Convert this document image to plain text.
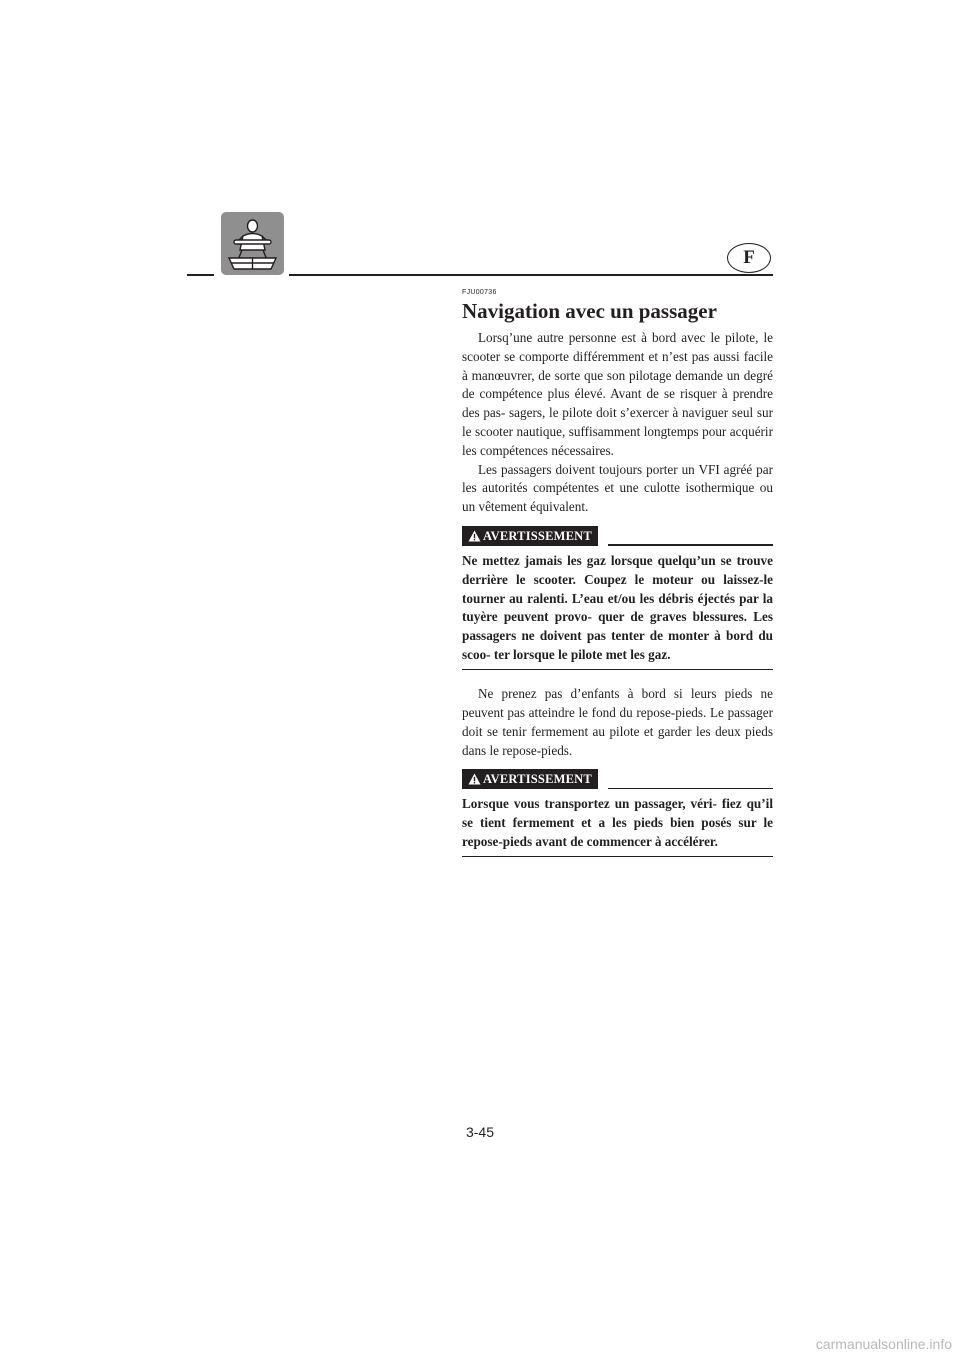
F
FJU00736
Navigation avec un passager

Lorsq’une autre personne est à bord avec le pilote, le scooter se comporte différemment et n’est pas aussi facile à manœuvrer, de sorte que son pilotage demande un degré de compétence plus élevé. Avant de se risquer à prendre des pas- sagers, le pilote doit s’exercer à naviguer seul sur le scooter nautique, suffisamment longtemps pour acquérir les compétences nécessaires.

Les passagers doivent toujours porter un VFI agréé par les autorités compétentes et une culotte isothermique ou un vêtement équivalent.

AVERTISSEMENT

Ne mettez jamais les gaz lorsque quelqu’un se trouve derrière le scooter. Coupez le moteur ou laissez-le tourner au ralenti. L’eau et/ou les débris éjectés par la tuyère peuvent provo- quer de graves blessures. Les passagers ne doivent pas tenter de monter à bord du scoo- ter lorsque le pilote met les gaz.

Ne prenez pas d’enfants à bord si leurs pieds ne peuvent pas atteindre le fond du repose-pieds. Le passager doit se tenir fermement au pilote et garder les deux pieds dans le repose-pieds.

AVERTISSEMENT

Lorsque vous transportez un passager, véri- fiez qu’il se tient fermement et a les pieds bien posés sur le repose-pieds avant de commencer à accélérer.

3-45
carmanualsonline.info
